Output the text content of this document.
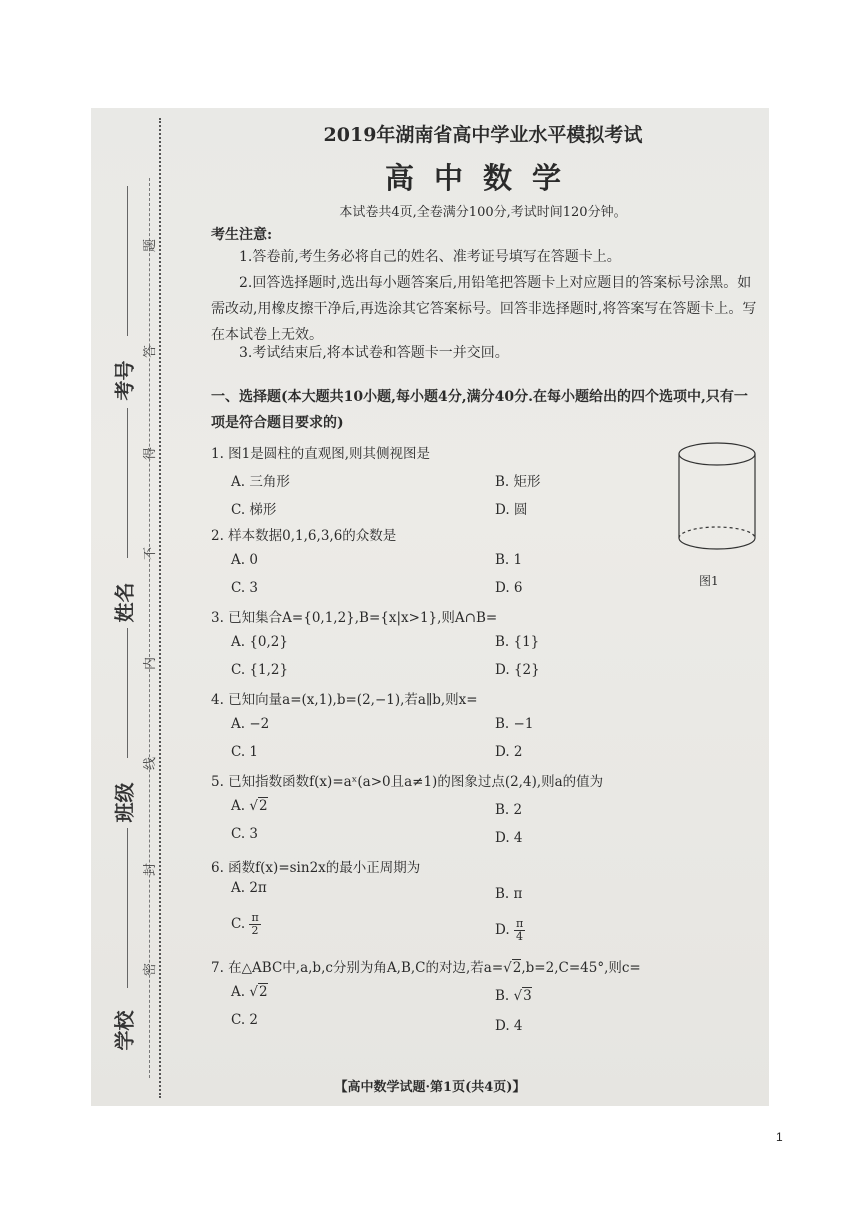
考号
姓名
班级
学校
题
答
得
不
内
线
封
密
2019年湖南省高中学业水平模拟考试
高中数学
本试卷共4页,全卷满分100分,考试时间120分钟。
考生注意:
1.答卷前,考生务必将自己的姓名、准考证号填写在答题卡上。
2.回答选择题时,选出每小题答案后,用铅笔把答题卡上对应题目的答案标号涂黑。如需改动,用橡皮擦干净后,再选涂其它答案标号。回答非选择题时,将答案写在答题卡上。写在本试卷上无效。
3.考试结束后,将本试卷和答题卡一并交回。
一、选择题(本大题共10小题,每小题4分,满分40分.在每小题给出的四个选项中,只有一项是符合题目要求的)
1. 图1是圆柱的直观图,则其侧视图是
A. 三角形	B. 矩形
C. 梯形	D. 圆
2. 样本数据0,1,6,3,6的众数是
A. 0	B. 1
C. 3	D. 6
3. 已知集合A={0,1,2},B={x|x>1},则A∩B=
A. {0,2}	B. {1}
C. {1,2}	D. {2}
4. 已知向量a=(x,1),b=(2,−1),若a∥b,则x=
A. −2	B. −1
C. 1	D. 2
5. 已知指数函数f(x)=aˣ(a>0且a≠1)的图象过点(2,4),则a的值为
A. √2	B. 2
C. 3	D. 4
6. 函数f(x)=sin2x的最小正周期为
A. 2π	B. π
C. $\frac{\pi}{2}$	D. $\frac{\pi}{4}$
7. 在△ABC中,a,b,c分别为角A,B,C的对边,若a=√2,b=2,C=45°,则c=
A. √2	B. √3
C. 2	D. 4
图1
【高中数学试题·第1页(共4页)】
1
